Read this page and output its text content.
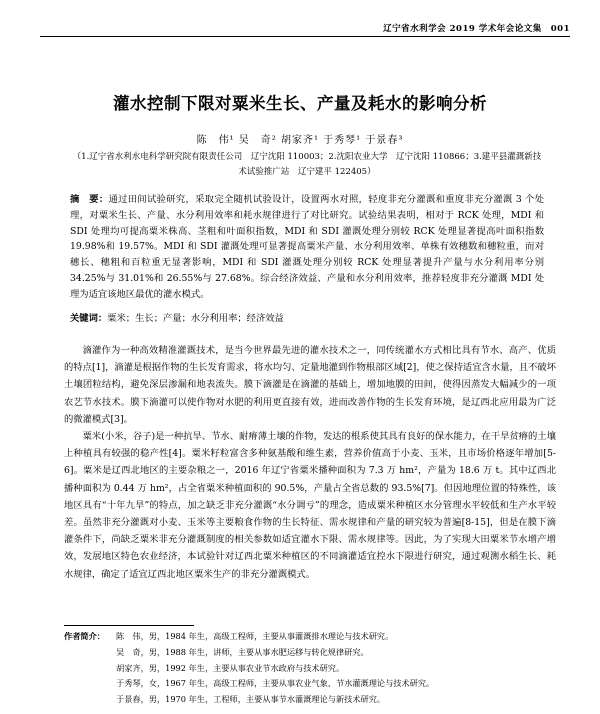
辽宁省水利学会 2019 学术年会论文集　001
灌水控制下限对粟米生长、产量及耗水的影响分析
陈　伟¹ 吴　奇² 胡家齐¹ 于秀琴¹ 于景春³
（1.辽宁省水利水电科学研究院有限责任公司　辽宁沈阳 110003；2.沈阳农业大学　辽宁沈阳 110866；3.建平县灌溉新技术试验推广站　辽宁建平 122405）
摘　要：通过田间试验研究，采取完全随机试验设计，设置两水对照，轻度非充分灌溉和重度非充分灌溉 3 个处理，对粟米生长、产量、水分利用效率和耗水规律进行了对比研究。试验结果表明，相对于 RCK 处理，MDI 和 SDI 处理均可提高粟米株高、茎粗和叶面积指数，MDI 和 SDI 灌溉处理分别较 RCK 处理显著提高叶面积指数 19.98%和 19.57%。MDI 和 SDI 灌溉处理可显著提高粟米产量、水分利用效率、单株有效穗数和穗粒重，而对穗长、穗粗和百粒重无显著影响，MDI 和 SDI 灌溉处理分别较 RCK 处理显著提升产量与水分利用率分别 34.25%与 31.01%和 26.55%与 27.68%。综合经济效益、产量和水分利用效率，推荐轻度非充分灌溉 MDI 处理为适宜该地区最优的灌水模式。
关键词：粟米；生长；产量；水分利用率；经济效益

滴灌作为一种高效精准灌溉技术，是当今世界最先进的灌水技术之一，同传统灌水方式相比具有节水、高产、优质的特点[1]，滴灌是根据作物的生长发育需求，将水均匀、定量地灌到作物根部区域[2]，使之保持适宜含水量，且不破坏土壤团粒结构，避免深层渗漏和地表流失。膜下滴灌是在滴灌的基础上，增加地膜的田间，使得因蒸发大幅减少的一项农艺节水技术。膜下滴灌可以使作物对水肥的利用更直接有效，进而改善作物的生长发育环境，是辽西北应用最为广泛的微灌模式[3]。

粟米(小米，谷子)是一种抗旱、节水、耐瘠薄土壤的作物，发达的根系使其具有良好的保水能力，在干旱贫瘠的土壤上种植具有较强的稳产性[4]。粟米籽粒富含多种氨基酸和维生素，营养价值高于小麦、玉米，且市场价格逐年增加[5-6]。粟米是辽西北地区的主要杂粮之一，2016 年辽宁省粟米播种面积为 7.3 万 hm²，产量为 18.6 万 t。其中辽西北播种面积为 0.44 万 hm²，占全省粟米种植面积的 90.5%，产量占全省总数的 93.5%[7]。但因地理位置的特殊性，该地区具有“十年九旱”的特点，加之缺乏非充分灌溉“水分调亏”的理念，造成粟米种植区水分管理水平较低和生产水平较差。虽然非充分灌溉对小麦、玉米等主要粮食作物的生长特征、需水规律和产量的研究较为普遍[8-15]，但是在膜下滴灌条件下，尚缺乏粟米非充分灌溉制度的相关参数如适宜灌水下限、需水规律等。因此，为了实现大田粟米节水增产增效，发展地区特色农业经济，本试验针对辽西北粟米种植区的不同滴灌适宜控水下限进行研究，通过观测水稻生长、耗水规律，确定了适宜辽西北地区粟米生产的非充分灌溉模式。

作者简介：	陈　伟，男，1984 年生，高级工程师，主要从事灌溉排水理论与技术研究。
吴　奇，男，1988 年生，讲师，主要从事水肥运移与转化规律研究。
胡家齐，男，1992 年生，主要从事农业节水政府与技术研究。
于秀琴，女，1967 年生，高级工程师，主要从事农业气象、节水灌溉理论与技术研究。
于景春，男，1970 年生，工程师，主要从事节水灌溉理论与新技术研究。
